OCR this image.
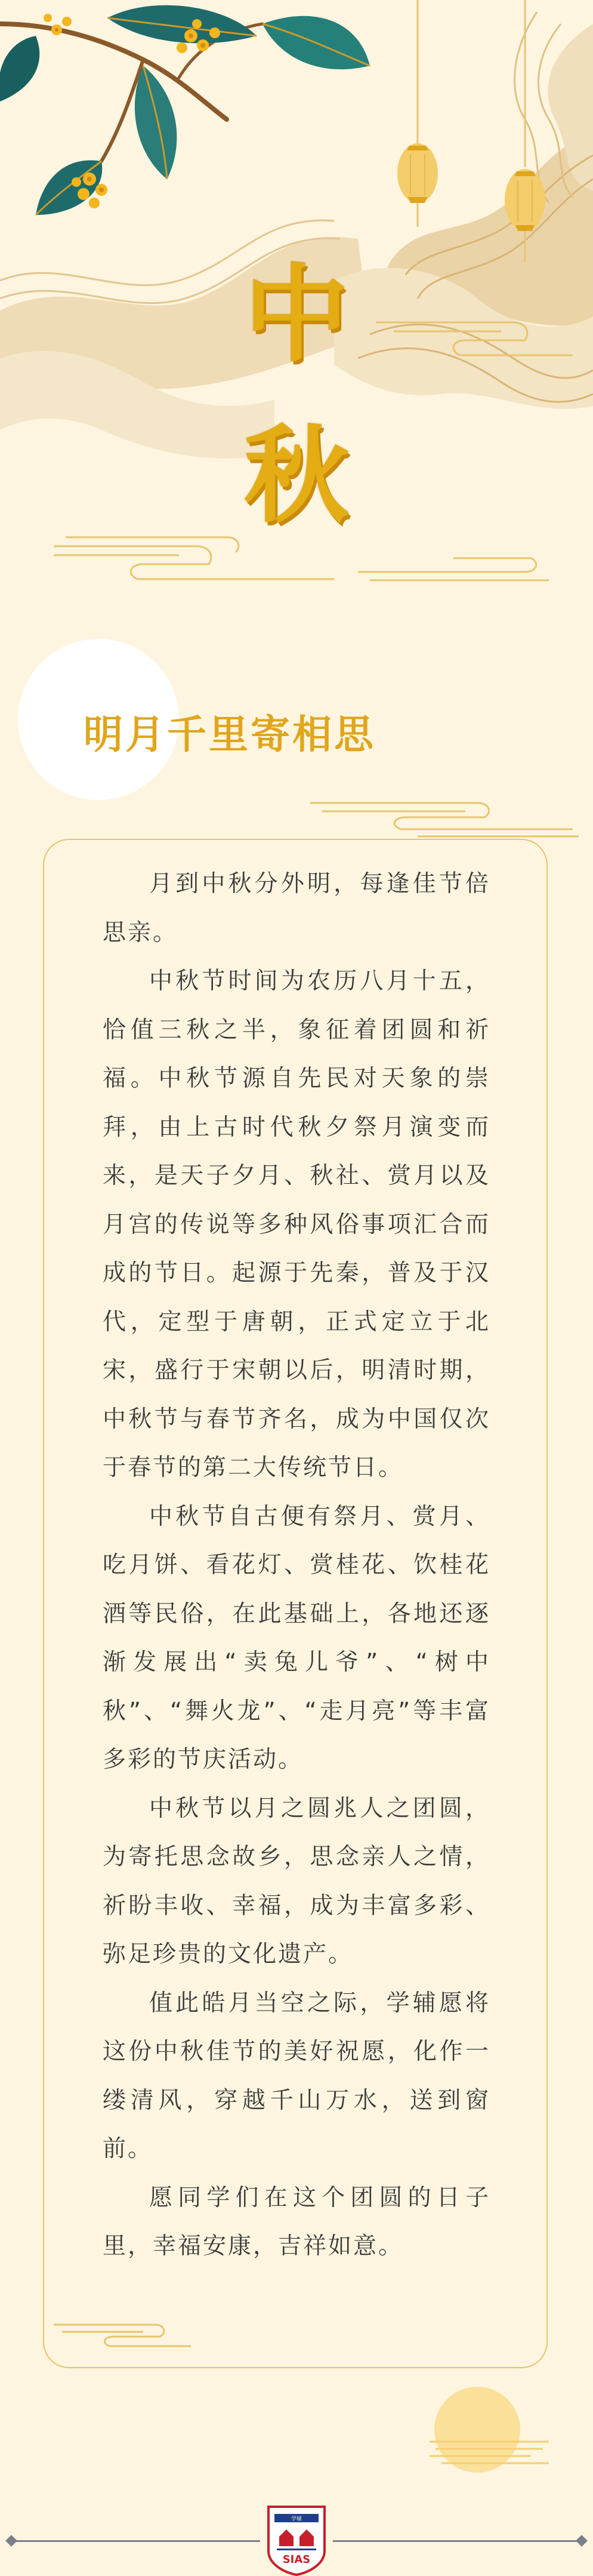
中
秋
明月千里寄相思

月到中秋分外明，每逢佳节倍思亲。

中秋节时间为农历八月十五，恰值三秋之半，象征着团圆和祈福。中秋节源自先民对天象的崇拜，由上古时代秋夕祭月演变而来，是天子夕月、秋社、赏月以及月宫的传说等多种风俗事项汇合而成的节日。起源于先秦，普及于汉代，定型于唐朝，正式定立于北宋，盛行于宋朝以后，明清时期，中秋节与春节齐名，成为中国仅次于春节的第二大传统节日。

中秋节自古便有祭月、赏月、吃月饼、看花灯、赏桂花、饮桂花酒等民俗，在此基础上，各地还逐渐发展出“卖兔儿爷”、“树中秋”、“舞火龙”、“走月亮”等丰富多彩的节庆活动。

中秋节以月之圆兆人之团圆，为寄托思念故乡，思念亲人之情，祈盼丰收、幸福，成为丰富多彩、弥足珍贵的文化遗产。

值此皓月当空之际，学辅愿将这份中秋佳节的美好祝愿，化作一缕清风，穿越千山万水，送到窗前。

愿同学们在这个团圆的日子里，幸福安康，吉祥如意。

学辅
SIAS
